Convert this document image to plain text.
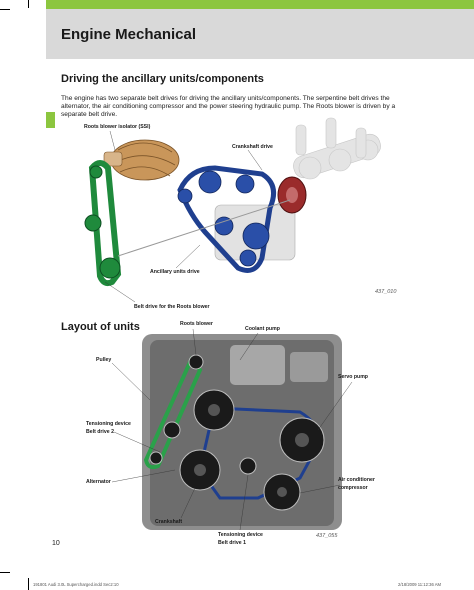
Engine Mechanical
Driving the ancillary units/components
The engine has two separate belt drives for driving the ancillary units/components. The serpentine belt drives the alternator, the air conditioning compressor and the power steering hydraulic pump. The Roots blower is driven by a separate belt drive.
Roots blower isolator (SSI)
Crankshaft drive
Ancillary units drive
Belt drive for the Roots blower
437_010
Layout of units	Roots blower
Coolant pump
Pulley
Servo pump
Tensioning device
Belt drive 2
Alternator	Air conditioner
compressor
Crankshaft
Tensioning device
Belt drive 1
437_055
10
191801 Audi 3.0L Supercharged.indd Sec2:10	2/18/2009 11:12:36 AM
